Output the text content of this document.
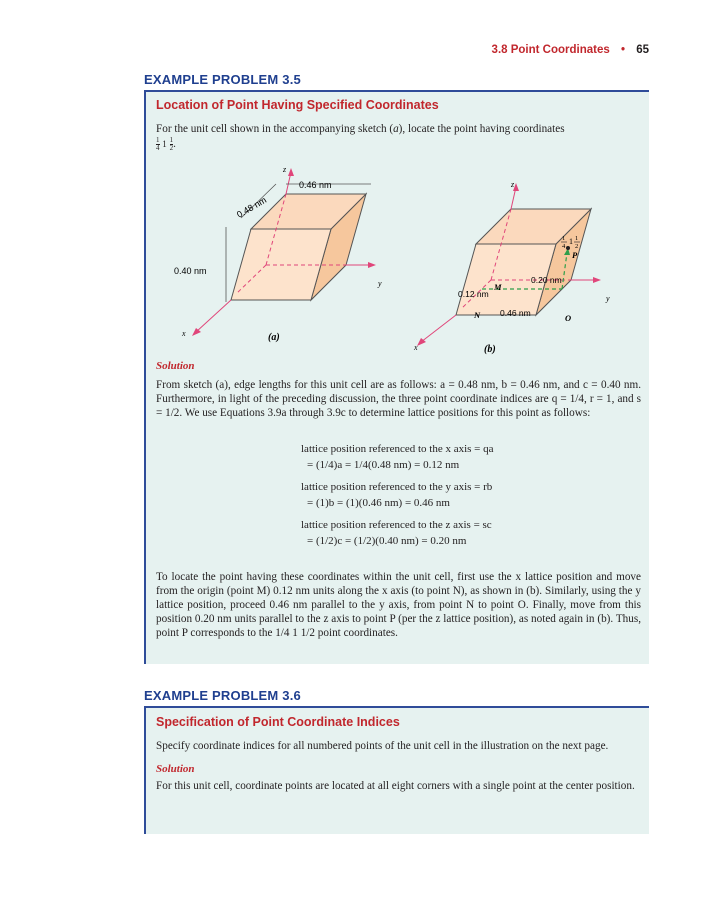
3.8 Point Coordinates • 65
EXAMPLE PROBLEM 3.5
Location of Point Having Specified Coordinates
For the unit cell shown in the accompanying sketch (a), locate the point having coordinates
$\frac{1}{4} 1 \frac{1}{2}$ .
0.40 nm
0.46 nm
0.48 nm
z
y
x	(a)
z
y
x
1
4
1 1
2
P
M
N	O
0.12 nm
0.20 nm
0.46 nm
(b)
Solution
From sketch (a), edge lengths for this unit cell are as follows: a = 0.48 nm, b = 0.46 nm, and c = 0.40 nm. Furthermore, in light of the preceding discussion, the three point coordinate indices are q = 1/4, r = 1, and s = 1/2. We use Equations 3.9a through 3.9c to determine lattice positions for this point as follows:
lattice position referenced to the x axis = qa
= (1/4)a = 1/4(0.48 nm) = 0.12 nm
lattice position referenced to the y axis = rb
= (1)b = (1)(0.46 nm) = 0.46 nm
lattice position referenced to the z axis = sc
= (1/2)c = (1/2)(0.40 nm) = 0.20 nm
To locate the point having these coordinates within the unit cell, first use the x lattice position and move from the origin (point M) 0.12 nm units along the x axis (to point N), as shown in (b). Similarly, using the y lattice position, proceed 0.46 nm parallel to the y axis, from point N to point O. Finally, move from this position 0.20 nm units parallel to the z axis to point P (per the z lattice position), as noted again in (b). Thus, point P corresponds to the 1/4 1 1/2 point coordinates.
EXAMPLE PROBLEM 3.6
Specification of Point Coordinate Indices
Specify coordinate indices for all numbered points of the unit cell in the illustration on the next page.
Solution
For this unit cell, coordinate points are located at all eight corners with a single point at the center position.
